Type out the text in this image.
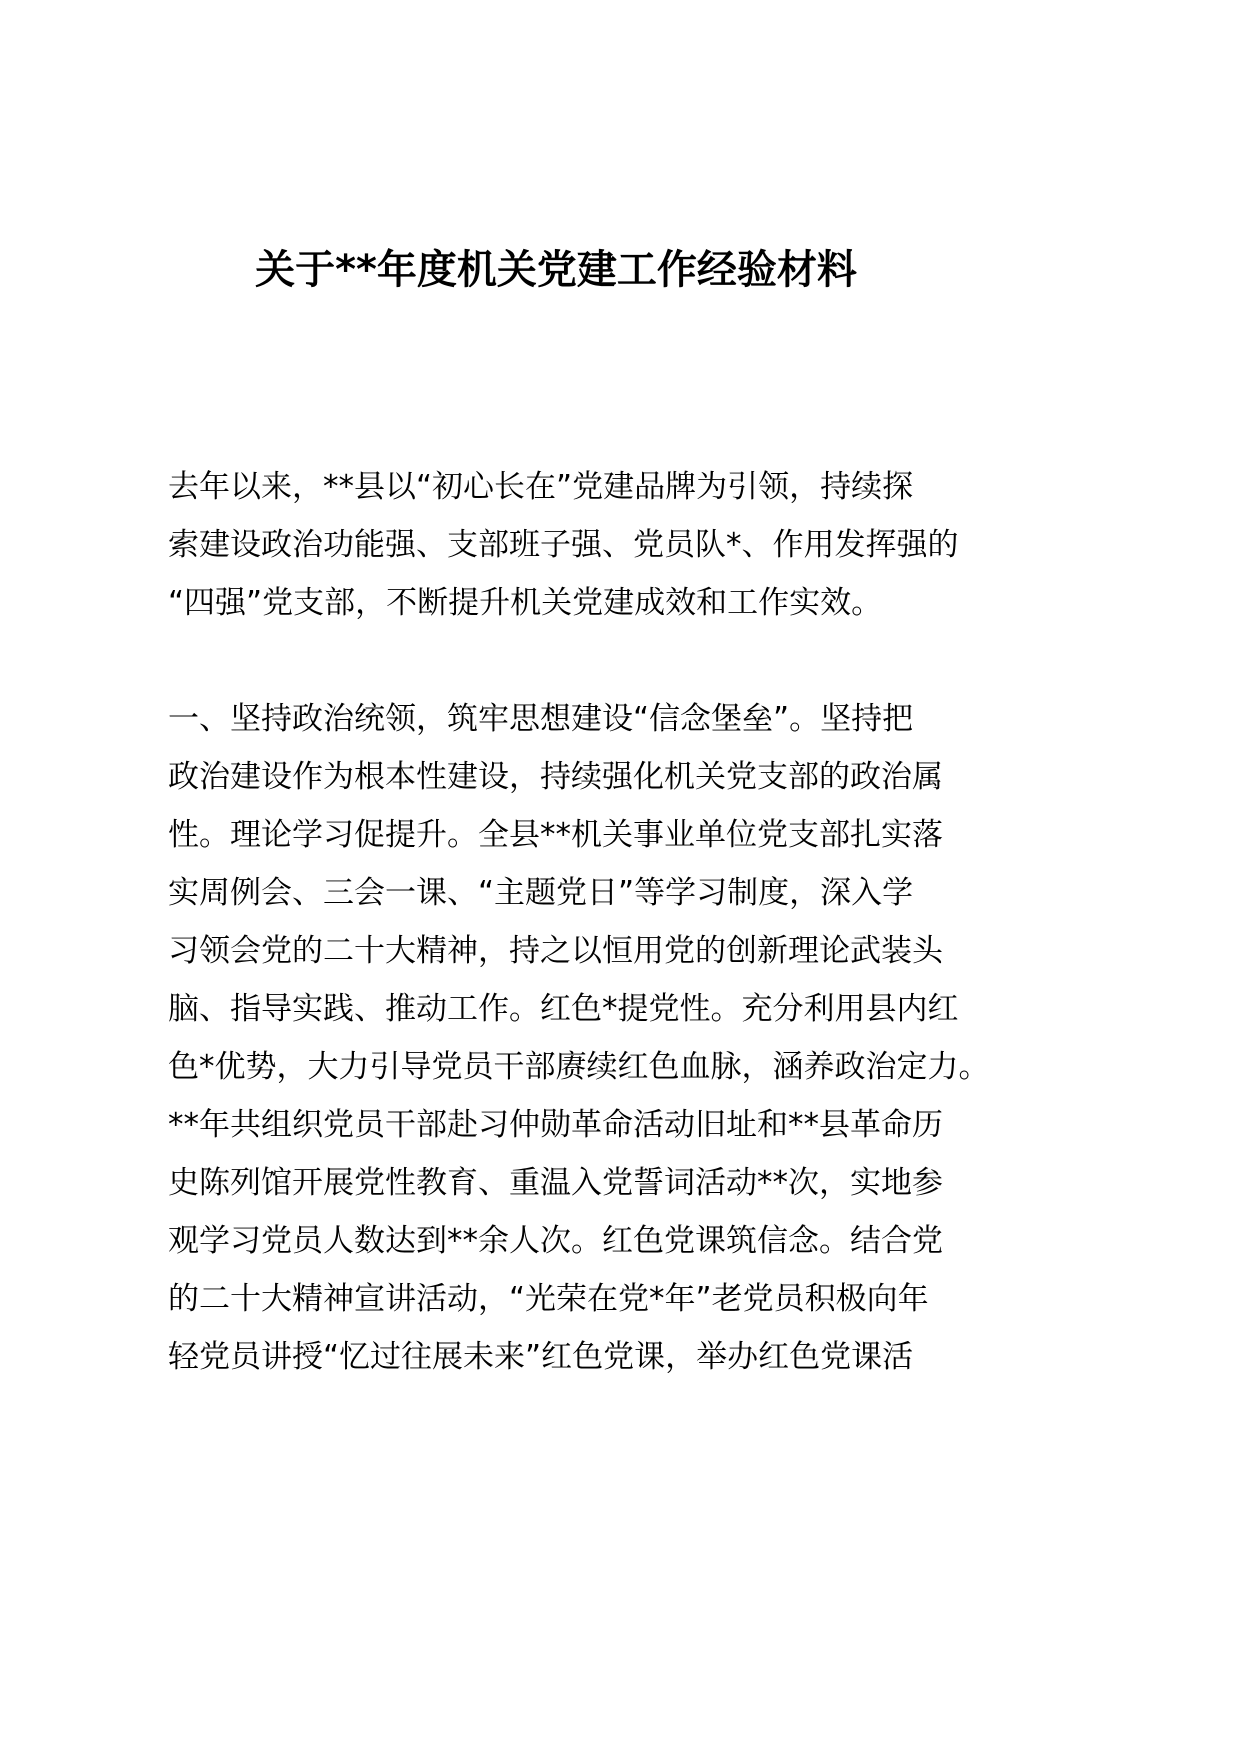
关于**年度机关党建工作经验材料
去年以来，**县以“初心长在”党建品牌为引领，持续探
索建设政治功能强、支部班子强、党员队*、作用发挥强的
“四强”党支部，不断提升机关党建成效和工作实效。
一、坚持政治统领，筑牢思想建设“信念堡垒”。坚持把
政治建设作为根本性建设，持续强化机关党支部的政治属
性。理论学习促提升。全县**机关事业单位党支部扎实落
实周例会、三会一课、“主题党日”等学习制度，深入学
习领会党的二十大精神，持之以恒用党的创新理论武装头
脑、指导实践、推动工作。红色*提党性。充分利用县内红
色*优势，大力引导党员干部赓续红色血脉，涵养政治定力。
**年共组织党员干部赴习仲勋革命活动旧址和**县革命历
史陈列馆开展党性教育、重温入党誓词活动**次，实地参
观学习党员人数达到**余人次。红色党课筑信念。结合党
的二十大精神宣讲活动，“光荣在党*年”老党员积极向年
轻党员讲授“忆过往展未来”红色党课，举办红色党课活
